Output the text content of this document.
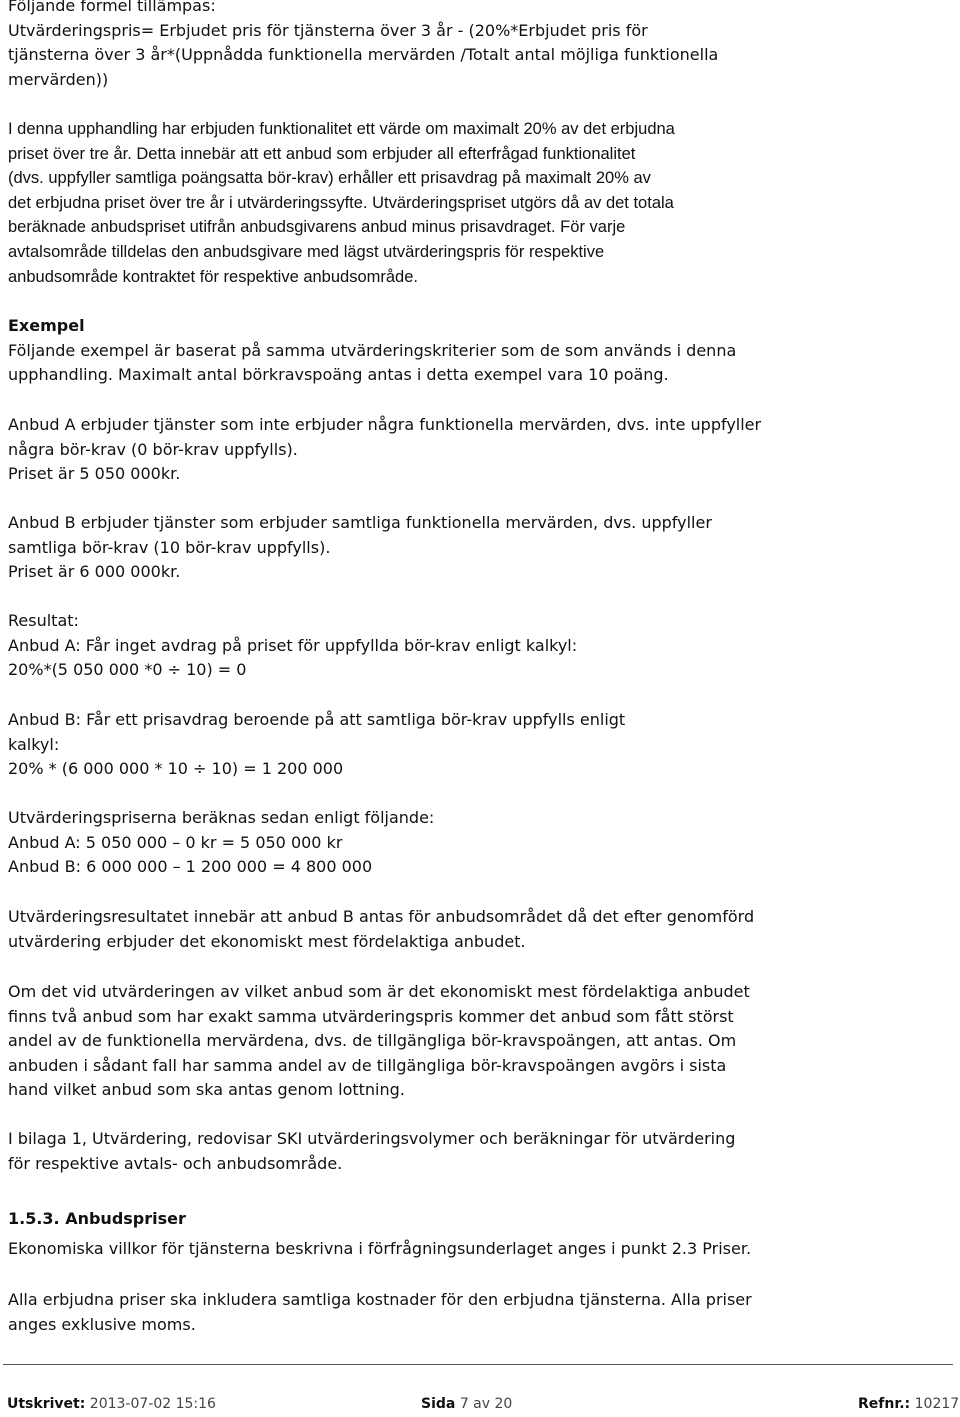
Följande formel tillämpas:
Utvärderingspris= Erbjudet pris för tjänsterna över 3 år - (20%*Erbjudet pris för
tjänsterna över 3 år*(Uppnådda funktionella mervärden /Totalt antal möjliga funktionella
mervärden))
I denna upphandling har erbjuden funktionalitet ett värde om maximalt 20% av det erbjudna
priset över tre år. Detta innebär att ett anbud som erbjuder all efterfrågad funktionalitet
(dvs. uppfyller samtliga poängsatta bör-krav) erhåller ett prisavdrag på maximalt 20% av
det erbjudna priset över tre år i utvärderingssyfte. Utvärderingspriset utgörs då av det totala
beräknade anbudspriset utifrån anbudsgivarens anbud minus prisavdraget. För varje
avtalsområde tilldelas den anbudsgivare med lägst utvärderingspris för respektive
anbudsområde kontraktet för respektive anbudsområde.
Exempel
Följande exempel är baserat på samma utvärderingskriterier som de som används i denna
upphandling. Maximalt antal börkravspoäng antas i detta exempel vara 10 poäng.
Anbud A erbjuder tjänster som inte erbjuder några funktionella mervärden, dvs. inte uppfyller
några bör-krav (0 bör-krav uppfylls).
Priset är 5 050 000kr.
Anbud B erbjuder tjänster som erbjuder samtliga funktionella mervärden, dvs. uppfyller
samtliga bör-krav (10 bör-krav uppfylls).
Priset är 6 000 000kr.
Resultat:
Anbud A: Får inget avdrag på priset för uppfyllda bör-krav enligt kalkyl:
20%*(5 050 000 *0 ÷ 10) = 0
Anbud B: Får ett prisavdrag beroende på att samtliga bör-krav uppfylls enligt
kalkyl:
20% * (6 000 000 * 10 ÷ 10) = 1 200 000
Utvärderingspriserna beräknas sedan enligt följande:
Anbud A: 5 050 000 – 0 kr = 5 050 000 kr
Anbud B: 6 000 000 – 1 200 000 = 4 800 000
Utvärderingsresultatet innebär att anbud B antas för anbudsområdet då det efter genomförd
utvärdering erbjuder det ekonomiskt mest fördelaktiga anbudet.
Om det vid utvärderingen av vilket anbud som är det ekonomiskt mest fördelaktiga anbudet
finns två anbud som har exakt samma utvärderingspris kommer det anbud som fått störst
andel av de funktionella mervärdena, dvs. de tillgängliga bör-kravspoängen, att antas. Om
anbuden i sådant fall har samma andel av de tillgängliga bör-kravspoängen avgörs i sista
hand vilket anbud som ska antas genom lottning.
I bilaga 1, Utvärdering, redovisar SKI utvärderingsvolymer och beräkningar för utvärdering
för respektive avtals- och anbudsområde.
1.5.3. Anbudspriser
Ekonomiska villkor för tjänsterna beskrivna i förfrågningsunderlaget anges i punkt 2.3 Priser.
Alla erbjudna priser ska inkludera samtliga kostnader för den erbjudna tjänsterna. Alla priser
anges exklusive moms.
Utskrivet: 2013-07-02 15:16	Sida 7 av 20	Refnr.: 10217
